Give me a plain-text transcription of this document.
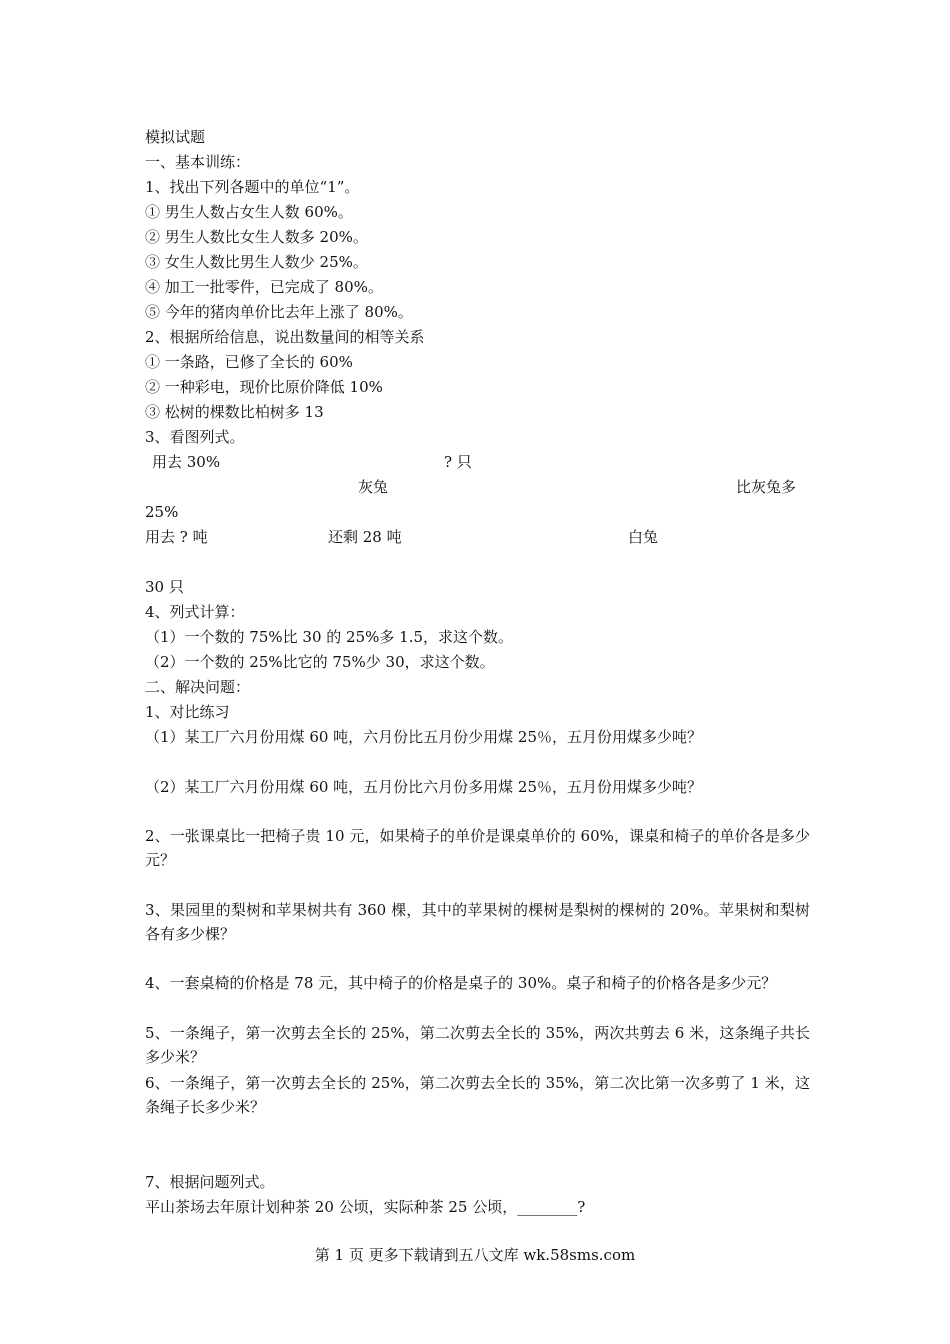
模拟试题
一、基本训练：
1、找出下列各题中的单位“1”。
① 男生人数占女生人数 60%。
② 男生人数比女生人数多 20%。
③ 女生人数比男生人数少 25%。
④ 加工一批零件，已完成了 80%。
⑤ 今年的猪肉单价比去年上涨了 80%。
2、根据所给信息，说出数量间的相等关系
① 一条路，已修了全长的 60%
② 一种彩电，现价比原价降低 10%
③ 松树的棵数比柏树多 13
3、看图列式。
用去 30%	? 只
灰兔	比灰兔多
25%
用去 ? 吨	还剩 28 吨	白兔
30 只
4、列式计算：
（1）一个数的 75%比 30 的 25%多 1.5，求这个数。
（2）一个数的 25%比它的 75%少 30，求这个数。
二、解决问题：
1、对比练习
（1）某工厂六月份用煤 60 吨，六月份比五月份少用煤 25％，五月份用煤多少吨？
（2）某工厂六月份用煤 60 吨，五月份比六月份多用煤 25％，五月份用煤多少吨？
2、一张课桌比一把椅子贵 10 元，如果椅子的单价是课桌单价的 60%，课桌和椅子的单价各是多少元？
3、果园里的梨树和苹果树共有 360 棵，其中的苹果树的棵树是梨树的棵树的 20%。苹果树和梨树各有多少棵？
4、一套桌椅的价格是 78 元，其中椅子的价格是桌子的 30%。桌子和椅子的价格各是多少元？
5、一条绳子，第一次剪去全长的 25%，第二次剪去全长的 35%，两次共剪去 6 米，这条绳子共长多少米？
6、一条绳子，第一次剪去全长的 25%，第二次剪去全长的 35%，第二次比第一次多剪了 1 米，这条绳子长多少米？
7、根据问题列式。
平山茶场去年原计划种茶 20 公顷，实际种茶 25 公顷，________?
第 1 页 更多下载请到五八文库 wk.58sms.com
